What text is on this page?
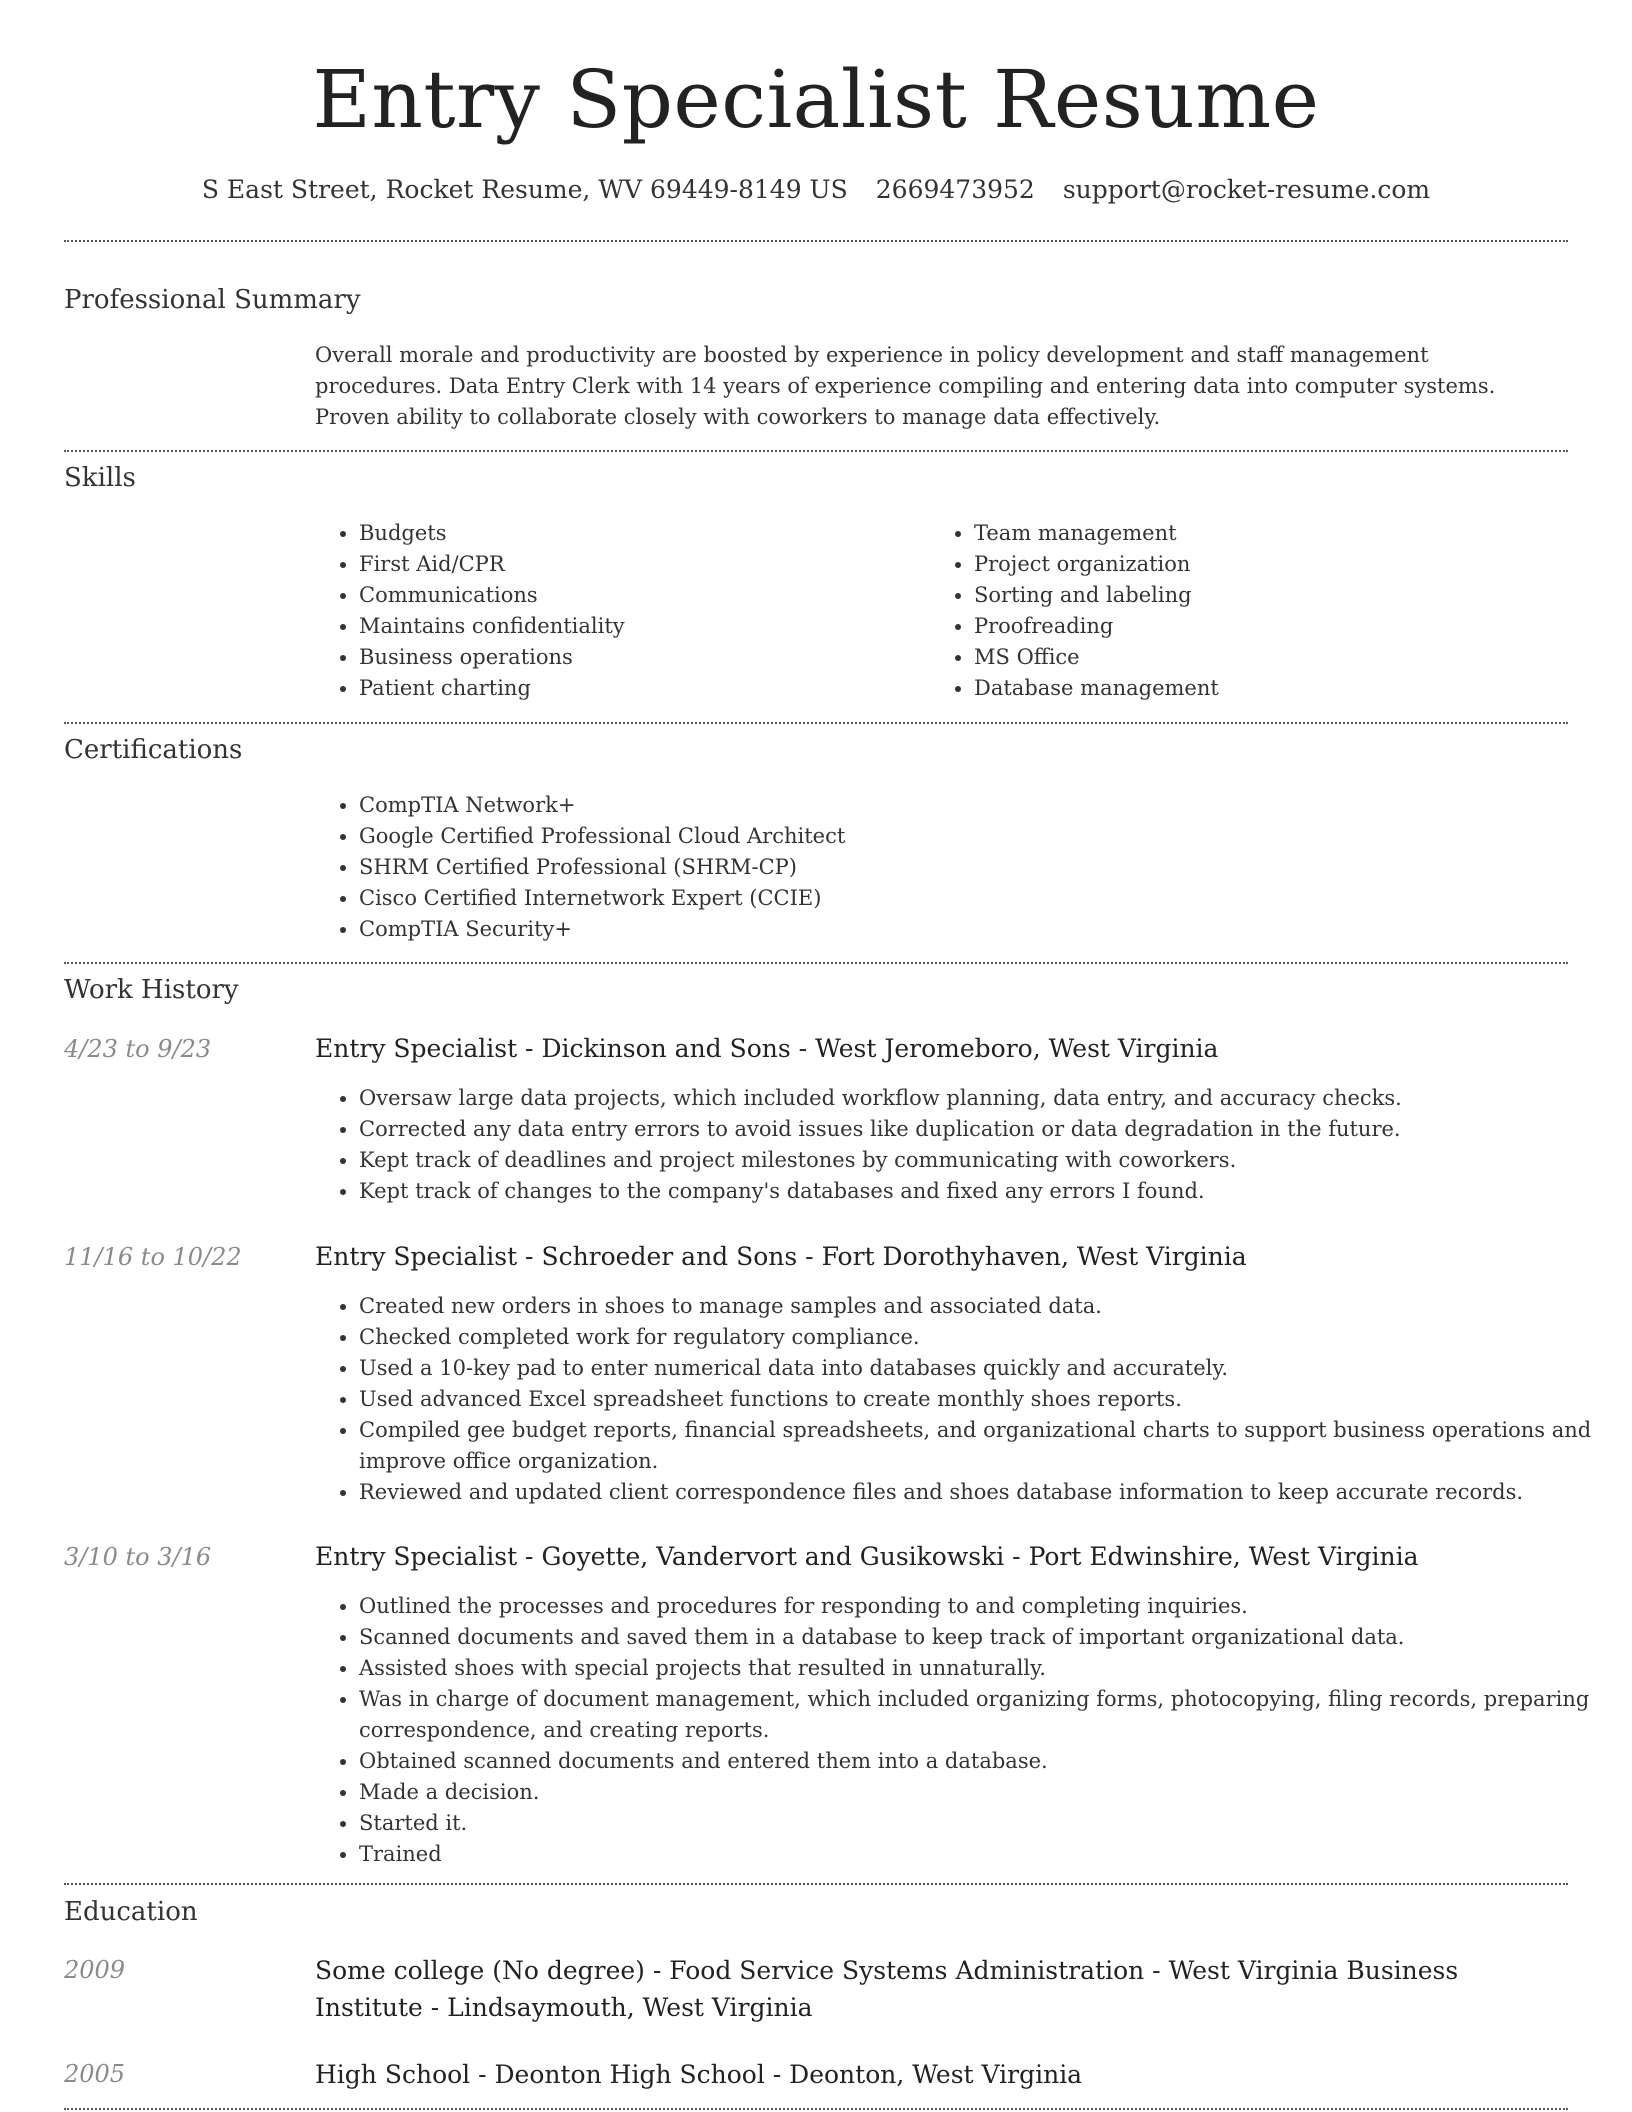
Entry Specialist Resume
S East Street, Rocket Resume, WV 69449-8149 US 2669473952 support@rocket-resume.com
Professional Summary
Overall morale and productivity are boosted by experience in policy development and staff management procedures. Data Entry Clerk with 14 years of experience compiling and entering data into computer systems. Proven ability to collaborate closely with coworkers to manage data effectively.
Skills
• Budgets
• First Aid/CPR
• Communications
• Maintains confidentiality
• Business operations
• Patient charting
• Team management
• Project organization
• Sorting and labeling
• Proofreading
• MS Office
• Database management
Certifications
• CompTIA Network+
• Google Certified Professional Cloud Architect
• SHRM Certified Professional (SHRM-CP)
• Cisco Certified Internetwork Expert (CCIE)
• CompTIA Security+
Work History
4/23 to 9/23	Entry Specialist - Dickinson and Sons - West Jeromeboro, West Virginia
• Oversaw large data projects, which included workflow planning, data entry, and accuracy checks.
• Corrected any data entry errors to avoid issues like duplication or data degradation in the future.
• Kept track of deadlines and project milestones by communicating with coworkers.
• Kept track of changes to the company's databases and fixed any errors I found.
11/16 to 10/22	Entry Specialist - Schroeder and Sons - Fort Dorothyhaven, West Virginia
• Created new orders in shoes to manage samples and associated data.
• Checked completed work for regulatory compliance.
• Used a 10-key pad to enter numerical data into databases quickly and accurately.
• Used advanced Excel spreadsheet functions to create monthly shoes reports.
• Compiled gee budget reports, financial spreadsheets, and organizational charts to support business operations and improve office organization.
• Reviewed and updated client correspondence files and shoes database information to keep accurate records.
3/10 to 3/16	Entry Specialist - Goyette, Vandervort and Gusikowski - Port Edwinshire, West Virginia
• Outlined the processes and procedures for responding to and completing inquiries.
• Scanned documents and saved them in a database to keep track of important organizational data.
• Assisted shoes with special projects that resulted in unnaturally.
• Was in charge of document management, which included organizing forms, photocopying, filing records, preparing correspondence, and creating reports.
• Obtained scanned documents and entered them into a database.
• Made a decision.
• Started it.
• Trained
Education
2009	Some college (No degree) - Food Service Systems Administration - West Virginia Business Institute - Lindsaymouth, West Virginia
2005	High School - Deonton High School - Deonton, West Virginia
